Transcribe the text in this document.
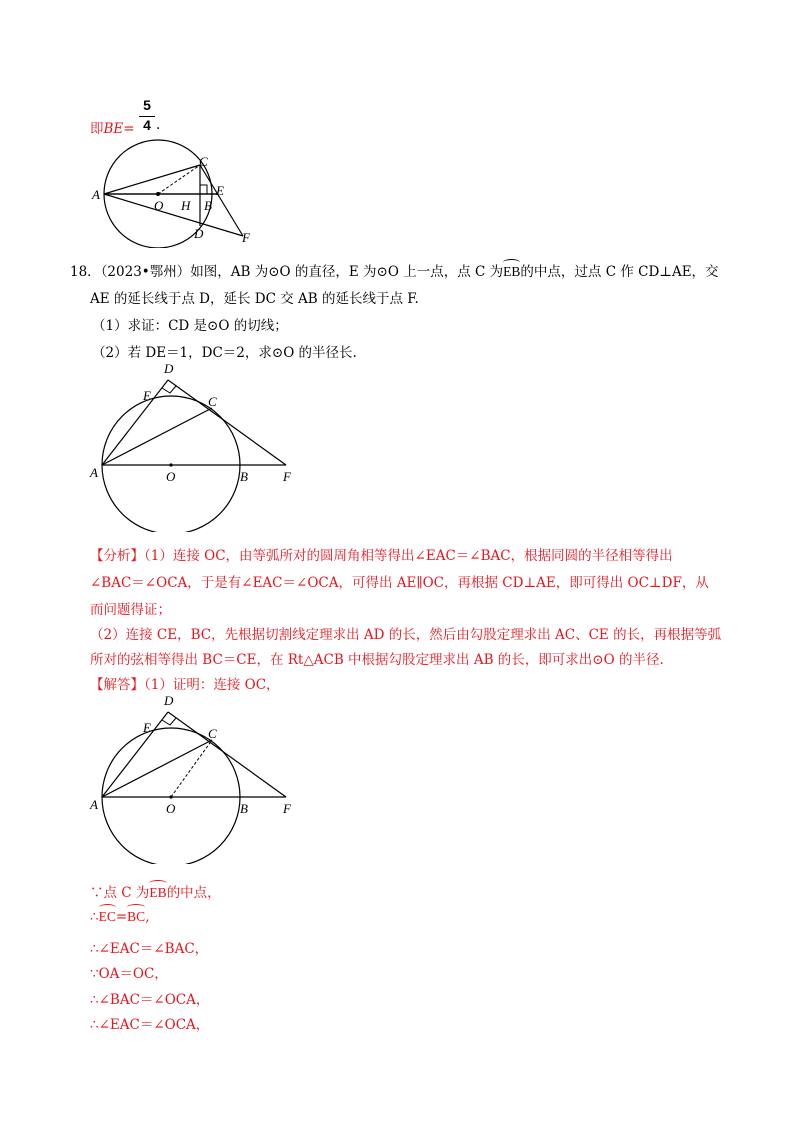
即BE=
5
4 .
A
O H B
E
C
D	F
18．（2023•鄂州）如图，AB 为⊙O 的直径，E 为⊙O 上一点，点 C 为EB的中点，过点 C 作 CD⊥AE，交
AE 的延长线于点 D，延长 DC 交 AB 的延长线于点 F.
（1）求证：CD 是⊙O 的切线；
（2）若 DE＝1，DC＝2，求⊙O 的半径长.
D
E	C
A	O	B	F
【分析】（1）连接 OC，由等弧所对的圆周角相等得出∠EAC＝∠BAC，根据同圆的半径相等得出
∠BAC＝∠OCA，于是有∠EAC＝∠OCA，可得出 AE∥OC，再根据 CD⊥AE，即可得出 OC⊥DF，从
而问题得证；
（2）连接 CE，BC，先根据切割线定理求出 AD 的长，然后由勾股定理求出 AC、CE 的长，再根据等弧
所对的弦相等得出 BC＝CE，在 Rt△ACB 中根据勾股定理求出 AB 的长，即可求出⊙O 的半径.
【解答】（1）证明：连接 OC，
D
E	C
A	O	B	F
∵点 C 为EB的中点，
∴EC=BC,
∴∠EAC＝∠BAC，
∵OA＝OC，
∴∠BAC＝∠OCA，
∴∠EAC＝∠OCA，
